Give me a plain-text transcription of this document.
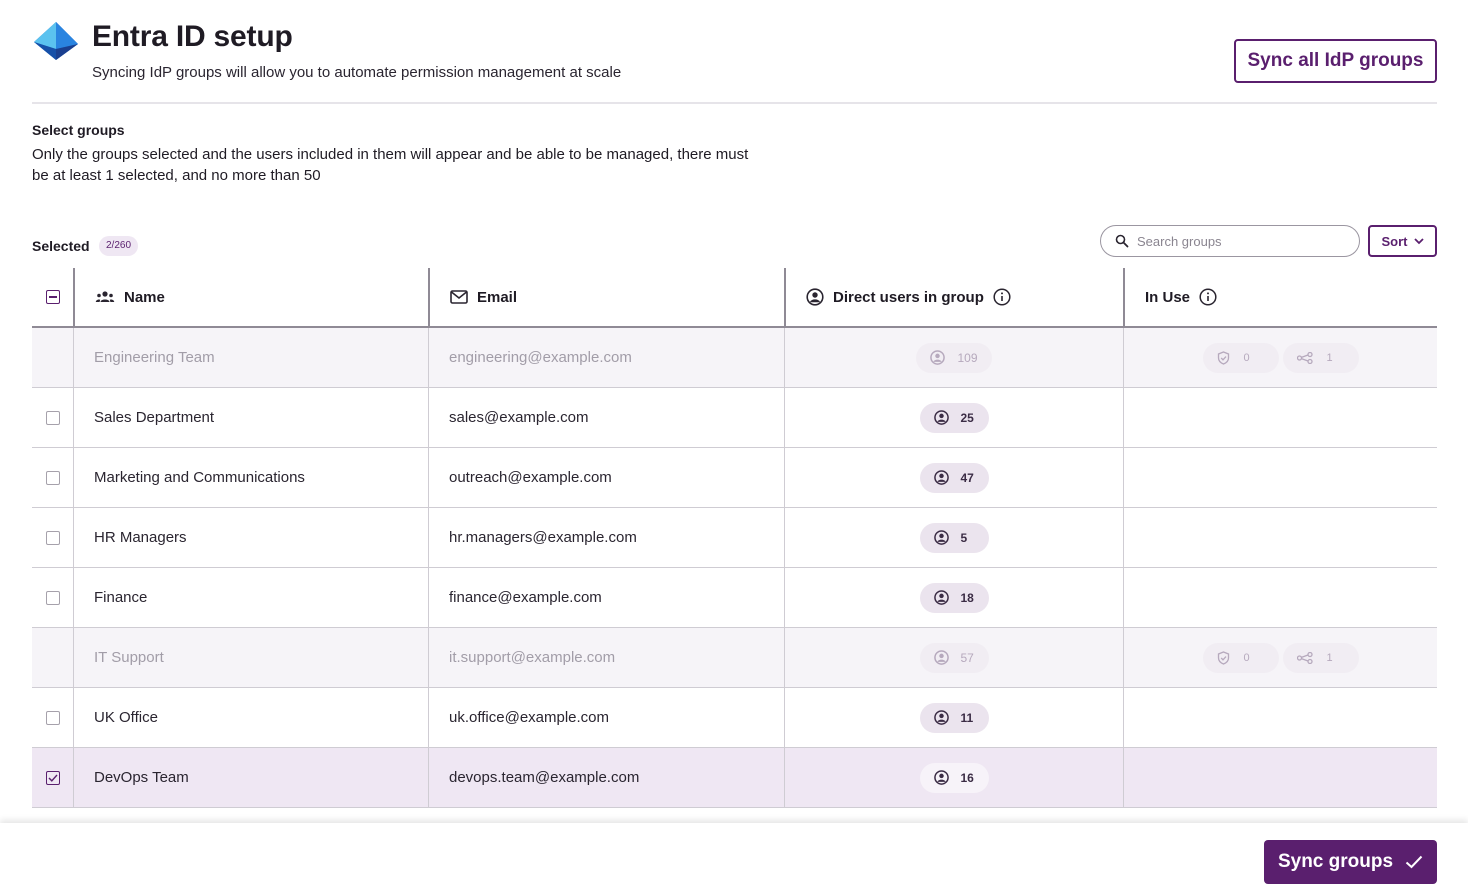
Entra ID setup
Syncing IdP groups will allow you to automate permission management at scale
Sync all IdP groups
Select groups
Only the groups selected and the users included in them will appear and be able to be managed, there must be at least 1 selected, and no more than 50
Selected	2/260
Search groups	Sort
Name	Email	Direct users in group	In Use
Engineering Team	engineering@example.com	109	0	1
Sales Department	sales@example.com	25
Marketing and Communications	outreach@example.com	47
HR Managers	hr.managers@example.com	5
Finance	finance@example.com	18
IT Support	it.support@example.com	57	0	1
UK Office	uk.office@example.com	11
DevOps Team	devops.team@example.com	16
Sync groups
